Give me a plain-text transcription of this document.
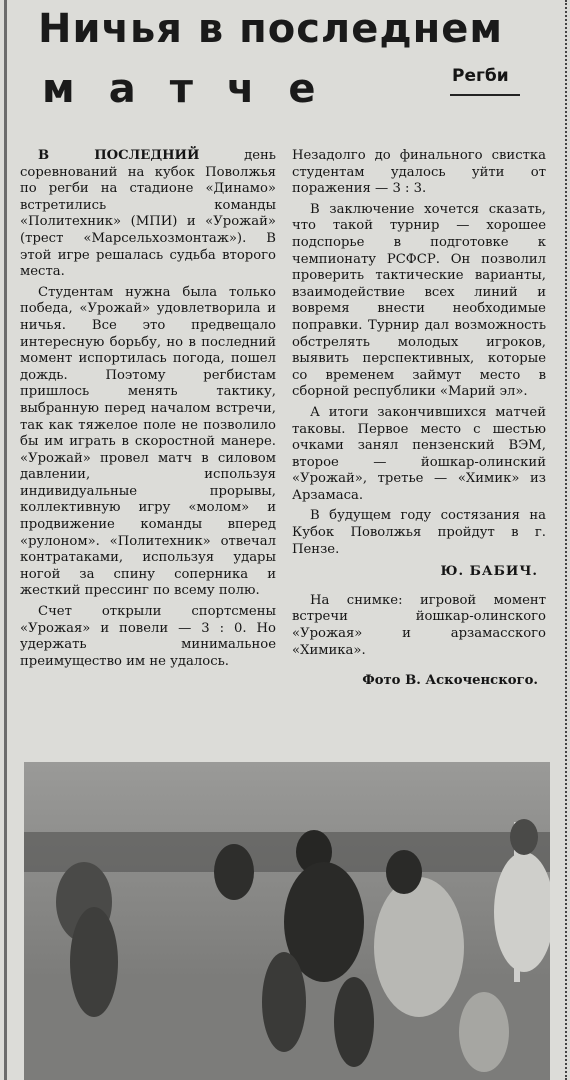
Ничья в последнем
матче	Регби

В ПОСЛЕДНИЙ день соревнований на кубок Поволжья по регби на стадионе «Динамо» встретились команды «Политехник» (МПИ) и «Урожай» (трест «Марсельхозмонтаж»). В этой игре решалась судьба второго места.

Студентам нужна была только победа, «Урожай» удовлетворила и ничья. Все это предвещало интересную борьбу, но в последний момент испортилась погода, пошел дождь. Поэтому регбистам пришлось менять тактику, выбранную перед началом встречи, так как тяжелое поле не позволило бы им играть в скоростной манере. «Урожай» провел матч в силовом давлении, используя индивидуальные прорывы, коллективную игру «молом» и продвижение команды вперед «рулоном». «Политехник» отвечал контратаками, используя удары ногой за спину соперника и жесткий прессинг по всему полю.

Счет открыли спортсмены «Урожая» и повели — 3 : 0. Но удержать минимальное преимущество им не удалось.

Незадолго до финального свистка студентам удалось уйти от поражения — 3 : 3.

В заключение хочется сказать, что такой турнир — хорошее подспорье в подготовке к чемпионату РСФСР. Он позволил проверить тактические варианты, взаимодействие всех линий и вовремя внести необходимые поправки. Турнир дал возможность обстрелять молодых игроков, выявить перспективных, которые со временем займут место в сборной республики «Марий эл».

А итоги закончившихся матчей таковы. Первое место с шестью очками занял пензенский ВЭМ, второе — йошкар-олинский «Урожай», третье — «Химик» из Арзамаса.

В будущем году состязания на Кубок Поволжья пройдут в г. Пензе.

Ю. БАБИЧ.

На снимке: игровой момент встречи йошкар-олинского «Урожая» и арзамасского «Химика».

Фото В. Аскоченского.
